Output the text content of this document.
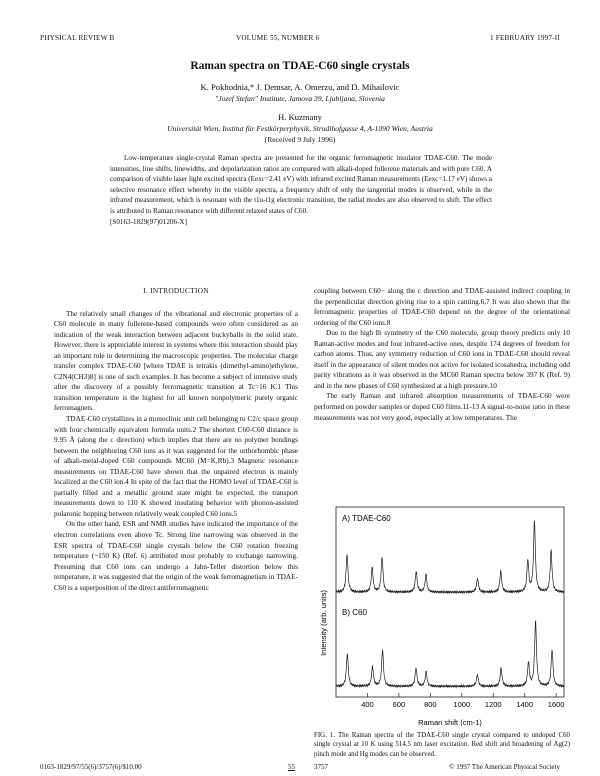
PHYSICAL REVIEW B	VOLUME 55, NUMBER 6	1 FEBRUARY 1997-II
Raman spectra on TDAE-C60 single crystals
K. Pokhodnia,* J. Demsar, A. Omerzu, and D. Mihailovic
"Jozef Stefan" Institute, Jamova 39, Ljubljana, Slovenia
H. Kuzmany
Universität Wien, Institut für Festkörperphysik, Strudlhofgasse 4, A-1090 Wien, Austria
(Received 9 July 1996)
Low-temperature single-crystal Raman spectra are presented for the organic ferromagnetic insulator TDAE-C60. The mode intensities, line shifts, linewidths, and depolarization ratios are compared with alkali-doped fullerene materials and with pure C60. A comparison of visible laser light excited spectra (Eexc=2.41 eV) with infrared excited Raman measurements (Eexc=1.17 eV) shows a selective resonance effect whereby in the visible spectra, a frequency shift of only the tangential modes is observed, while in the infrared measurement, which is resonant with the t1u-t1g electronic transition, the radial modes are also observed to shift. The effect is attributed to Raman resonance with different relaxed states of C60.
[S0163-1829(97)01206-X]
I. INTRODUCTION

The relatively small changes of the vibrational and electronic properties of a C60 molecule in many fullerene-based compounds were often considered as an indication of the weak interaction between adjacent buckyballs in the solid state. However, there is appreciable interest in systems where this interaction should play an important role in determining the macroscopic properties. The molecular charge transfer complex TDAE-C60 [where TDAE is tetrakis (dimethyl-amino)ethylene, C2N4(CH3)8] is one of such examples. It has become a subject of intensive study after the discovery of a possibly ferromagnetic transition at Tc=16 K.1 This transition temperature is the highest for all known nonpolymeric purely organic ferromagnets.

TDAE-C60 crystallizes in a monoclinic unit cell belonging to C2/c space group with four chemically equivalent formula units.2 The shortest C60-C60 distance is 9.95 Å (along the c direction) which implies that there are no polymer bondings between the neighboring C60 ions as it was suggested for the orthorhombic phase of alkali-metal-doped C60 compounds MC60 (M=K,Rb).3 Magnetic resonance measurements on TDAE-C60 have shown that the unpaired electron is mainly localized at the C60 ion.4 In spite of the fact that the HOMO level of TDAE-C60 is partially filled and a metallic ground state might be expected, the transport measurements down to 110 K showed insulating behavior with phonon-assisted polaronic hopping between relatively weak coupled C60 ions.5

On the other hand, ESR and NMR studies have indicated the importance of the electron correlations even above Tc. Strong line narrowing was observed in the ESR spectra of TDAE-C60 single crystals below the C60 rotation freezing temperature (~150 K) (Ref. 6) attributed most probably to exchange narrowing. Presuming that C60 ions can undergo a Jahn-Teller distortion below this temperature, it was suggested that the origin of the weak ferromagnetism in TDAE-C60 is a superposition of the direct antiferromagnetic

coupling between C60− along the c direction and TDAE-assisted indirect coupling in the perpendicular direction giving rise to a spin canting.6,7 It was also shown that the ferromagnetic properties of TDAE-C60 depend on the degree of the orientational ordering of the C60 ions.8

Due to the high Ih symmetry of the C60 molecule, group theory predicts only 10 Raman-active modes and four infrared-active ones, despite 174 degrees of freedom for carbon atoms. Thus, any symmetry reduction of C60 ions in TDAE-C60 should reveal itself in the appearance of silent modes not active for isolated icosahedra, including odd parity vibrations as it was observed in the MC60 Raman spectra below 397 K (Ref. 9) and in the new phases of C60 synthesized at a high pressure.10

The early Raman and infrared absorption measurements of TDAE-C60 were performed on powder samples or doped C60 films.11-13 A signal-to-noise ratio in these measurements was not very good, especially at low temperatures. The

A) TDAE-C60
B) C60
Intensity (arb. units)
Raman shift (cm-1)
400	600	800 1000 1200 1400 1600
FIG. 1. The Raman spectra of the TDAE-C60 single crystal compared to undoped C60 single crystal at 10 K using 514.5 nm laser excitation. Red shift and broadening of Ag(2) pinch mode and Hg modes can be observed.
0163-1829/97/55(6)/3757(6)/$10.00	55	3757	© 1997 The American Physical Society
